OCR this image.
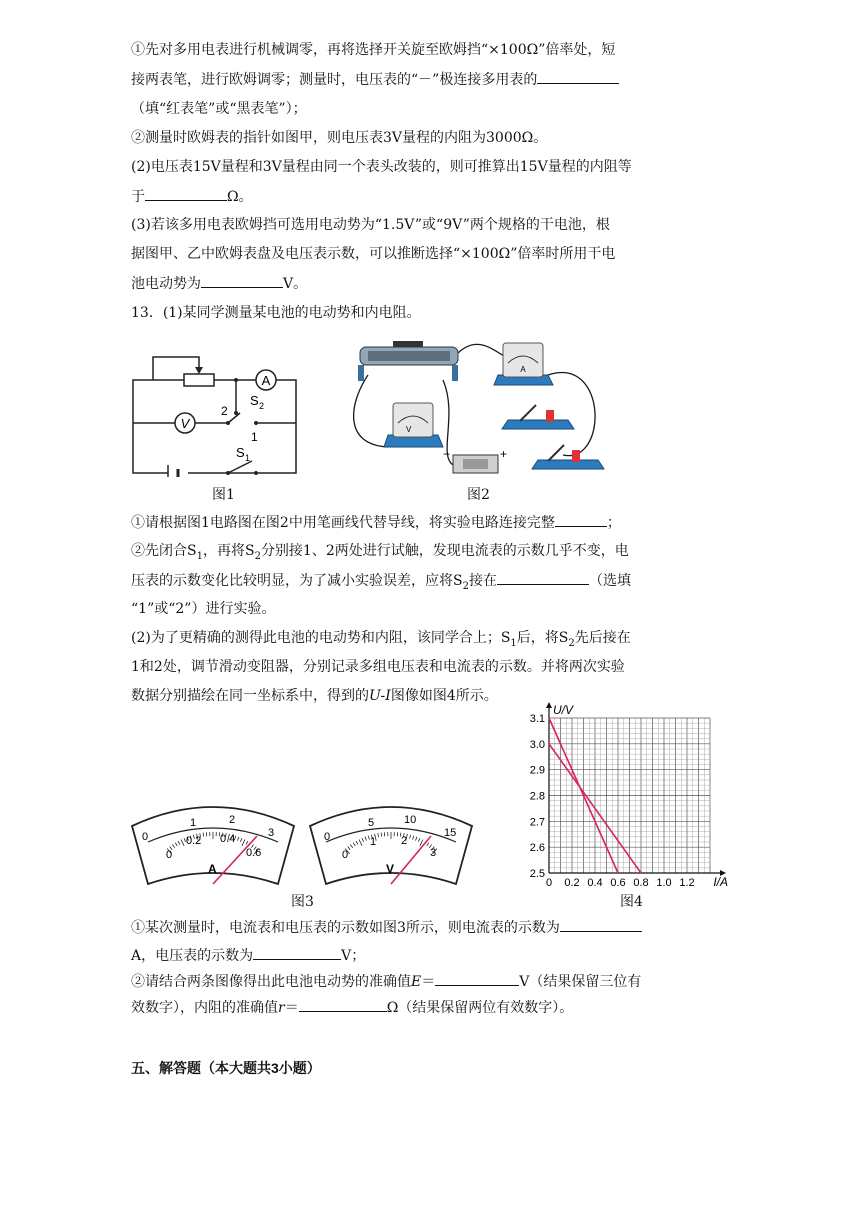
①先对多用电表进行机械调零，再将选择开关旋至欧姆挡“×100Ω”倍率处，短
接两表笔，进行欧姆调零；测量时，电压表的“－”极连接多用表的
（填“红表笔”或“黑表笔”）；
②测量时欧姆表的指针如图甲，则电压表3V量程的内阻为3000Ω。
(2)电压表15V量程和3V量程由同一个表头改装的，则可推算出15V量程的内阻等
于	Ω。
(3)若该多用电表欧姆挡可选用电动势为“1.5V”或“9V”两个规格的干电池，根
据图甲、乙中欧姆表盘及电压表示数，可以推断选择“×100Ω”倍率时所用干电
池电动势为	V。
13．(1)某同学测量某电池的电动势和内电阻。
A
V
S 2
2
1
S 1
图1
A
V
−	+
图2
①请根据图1电路图在图2中用笔画线代替导线，将实验电路连接完整	；
②先闭合$S_1$，再将$S_2$分别接1、2两处进行试触，发现电流表的示数几乎不变，电
压表的示数变化比较明显，为了减小实验误差，应将$S_2$接在	（选填
“1”或“2”）进行实验。
(2)为了更精确的测得此电池的电动势和内阻，该同学合上；$S_1$后，将$S_2$先后接在
1和2处，调节滑动变阻器，分别记录多组电压表和电流表的示数。并将两次实验
数据分别描绘在同一坐标系中，得到的U-I图像如图4所示。
0
1	2
3
0
0.2 0.4
0.6
A
0
5	10
15
0
1 2
3
V
图3
0 0.2 0.4 0.6 0.8 1.0 1.2
2.5
2.6
2.7
2.8
2.9
3.0
3.1
I/A
U/V
图4
①某次测量时，电流表和电压表的示数如图3所示，则电流表的示数为
A，电压表的示数为	V；
②请结合两条图像得出此电池电动势的准确值E＝	V（结果保留三位有
效数字），内阻的准确值r＝	Ω（结果保留两位有效数字）。
五、解答题（本大题共3小题）
